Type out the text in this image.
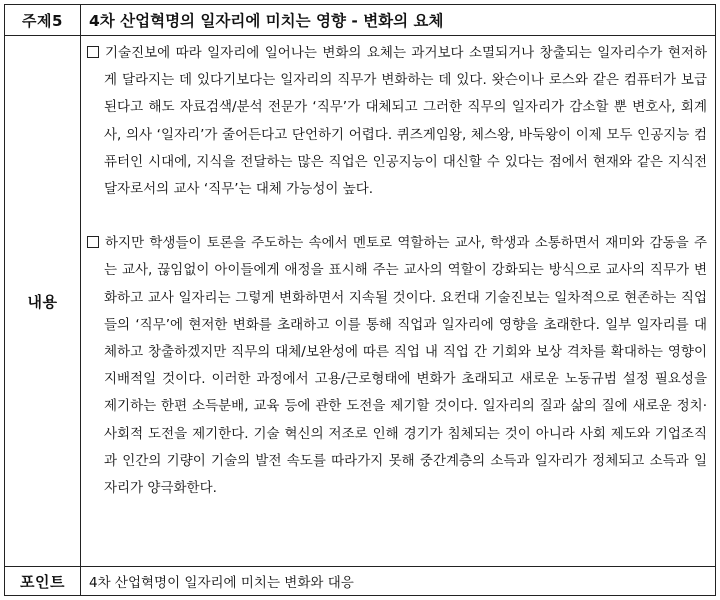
주제5	4차 산업혁명의 일자리에 미치는 영향 - 변화의 요체
내용	기술진보에 따라 일자리에 일어나는 변화의 요체는 과거보다 소멸되거나 창출되는 일자리수가 현저하게 달라지는 데 있다기보다는 일자리의 직무가 변화하는 데 있다. 왓슨이나 로스와 같은 컴퓨터가 보급된다고 해도 자료검색/분석 전문가 ‘직무’가 대체되고 그러한 직무의 일자리가 감소할 뿐 변호사, 회계사, 의사 ‘일자리’가 줄어든다고 단언하기 어렵다. 퀴즈게임왕, 체스왕, 바둑왕이 이제 모두 인공지능 컴퓨터인 시대에, 지식을 전달하는 많은 직업은 인공지능이 대신할 수 있다는 점에서 현재와 같은 지식전달자로서의 교사 ‘직무’는 대체 가능성이 높다.

하지만 학생들이 토론을 주도하는 속에서 멘토로 역할하는 교사, 학생과 소통하면서 재미와 감동을 주는 교사, 끊임없이 아이들에게 애정을 표시해 주는 교사의 역할이 강화되는 방식으로 교사의 직무가 변화하고 교사 일자리는 그렇게 변화하면서 지속될 것이다. 요컨대 기술진보는 일차적으로 현존하는 직업들의 ‘직무’에 현저한 변화를 초래하고 이를 통해 직업과 일자리에 영향을 초래한다. 일부 일자리를 대체하고 창출하겠지만 직무의 대체/보완성에 따른 직업 내 직업 간 기회와 보상 격차를 확대하는 영향이 지배적일 것이다. 이러한 과정에서 고용/근로형태에 변화가 초래되고 새로운 노동규범 설정 필요성을 제기하는 한편 소득분배, 교육 등에 관한 도전을 제기할 것이다. 일자리의 질과 삶의 질에 새로운 정치·사회적 도전을 제기한다. 기술 혁신의 저조로 인해 경기가 침체되는 것이 아니라 사회 제도와 기업조직과 인간의 기량이 기술의 발전 속도를 따라가지 못해 중간계층의 소득과 일자리가 정체되고 소득과 일자리가 양극화한다.

포인트	4차 산업혁명이 일자리에 미치는 변화와 대응
